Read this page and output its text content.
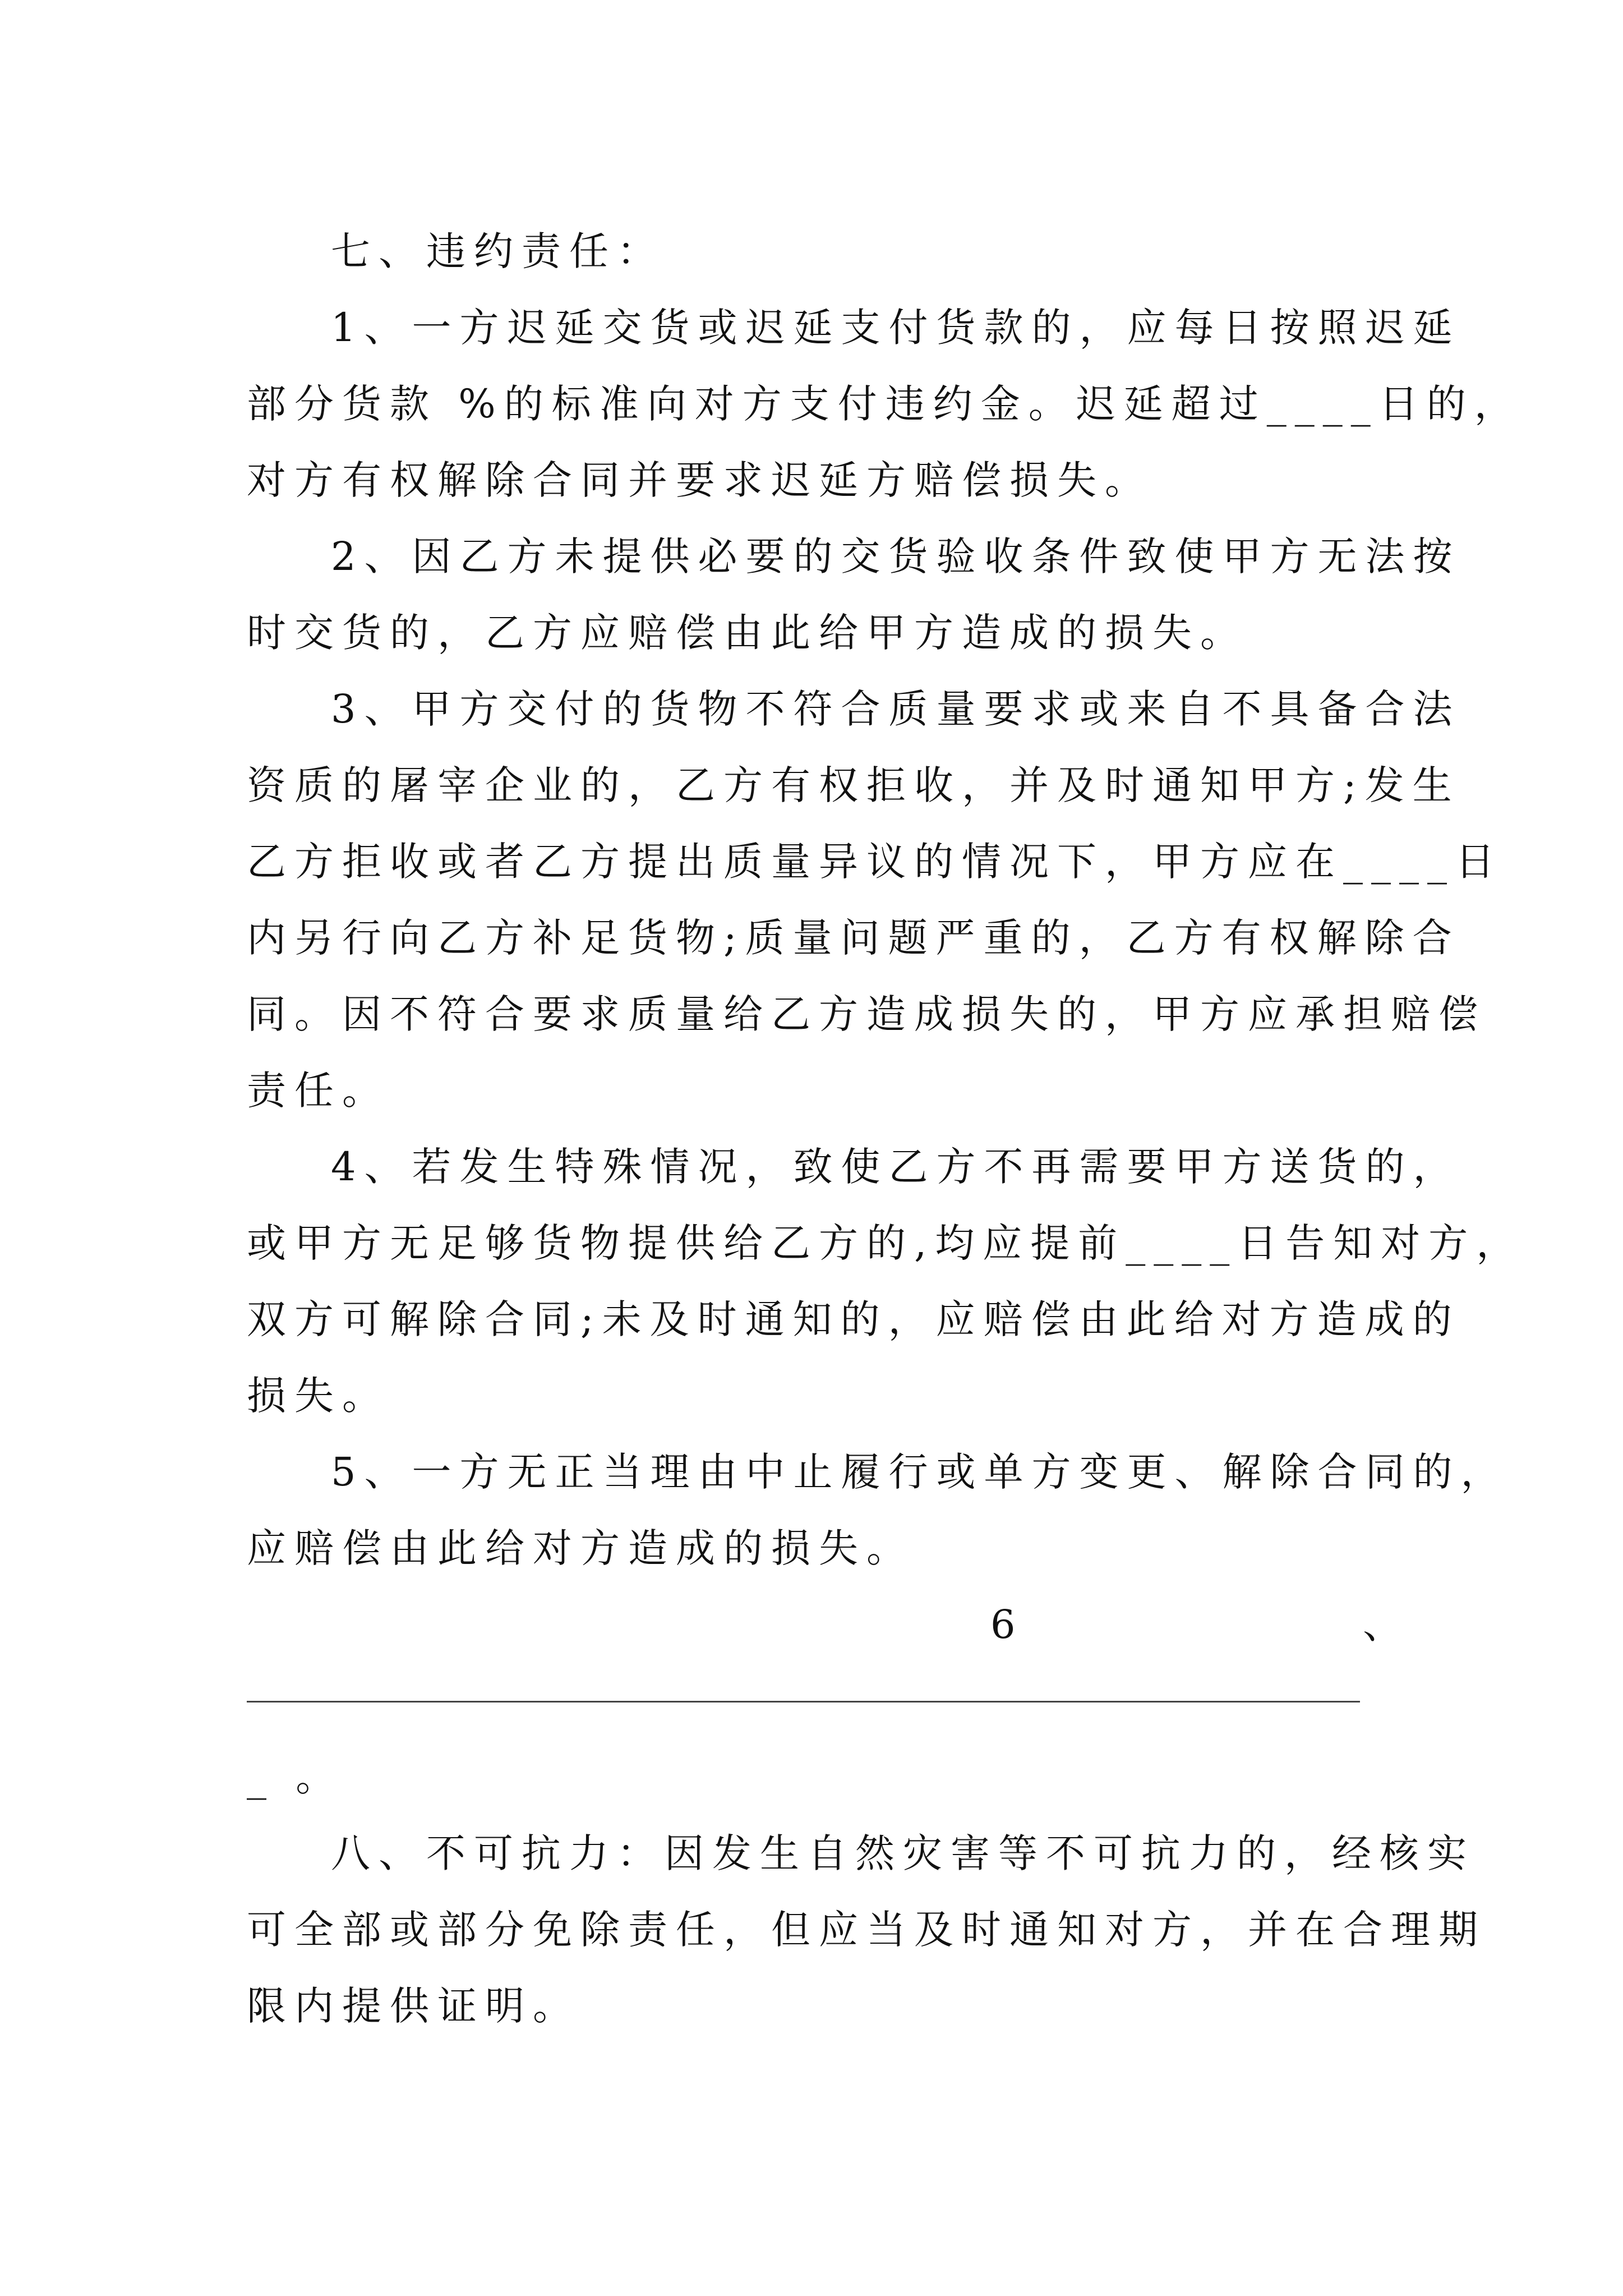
七、违约责任：
1、一方迟延交货或迟延支付货款的，应每日按照迟延
部分货款 %的标准向对方支付违约金。迟延超过____日的，
对方有权解除合同并要求迟延方赔偿损失。
2、因乙方未提供必要的交货验收条件致使甲方无法按
时交货的，乙方应赔偿由此给甲方造成的损失。
3、甲方交付的货物不符合质量要求或来自不具备合法
资质的屠宰企业的，乙方有权拒收，并及时通知甲方;发生
乙方拒收或者乙方提出质量异议的情况下，甲方应在____日
内另行向乙方补足货物;质量问题严重的，乙方有权解除合
同。因不符合要求质量给乙方造成损失的，甲方应承担赔偿
责任。
4、若发生特殊情况，致使乙方不再需要甲方送货的，
或甲方无足够货物提供给乙方的,均应提前____日告知对方，
双方可解除合同;未及时通知的，应赔偿由此给对方造成的
损失。
5、一方无正当理由中止履行或单方变更、解除合同的，
应赔偿由此给对方造成的损失。
6	、
_ 。
八、不可抗力：因发生自然灾害等不可抗力的，经核实
可全部或部分免除责任，但应当及时通知对方，并在合理期
限内提供证明。
